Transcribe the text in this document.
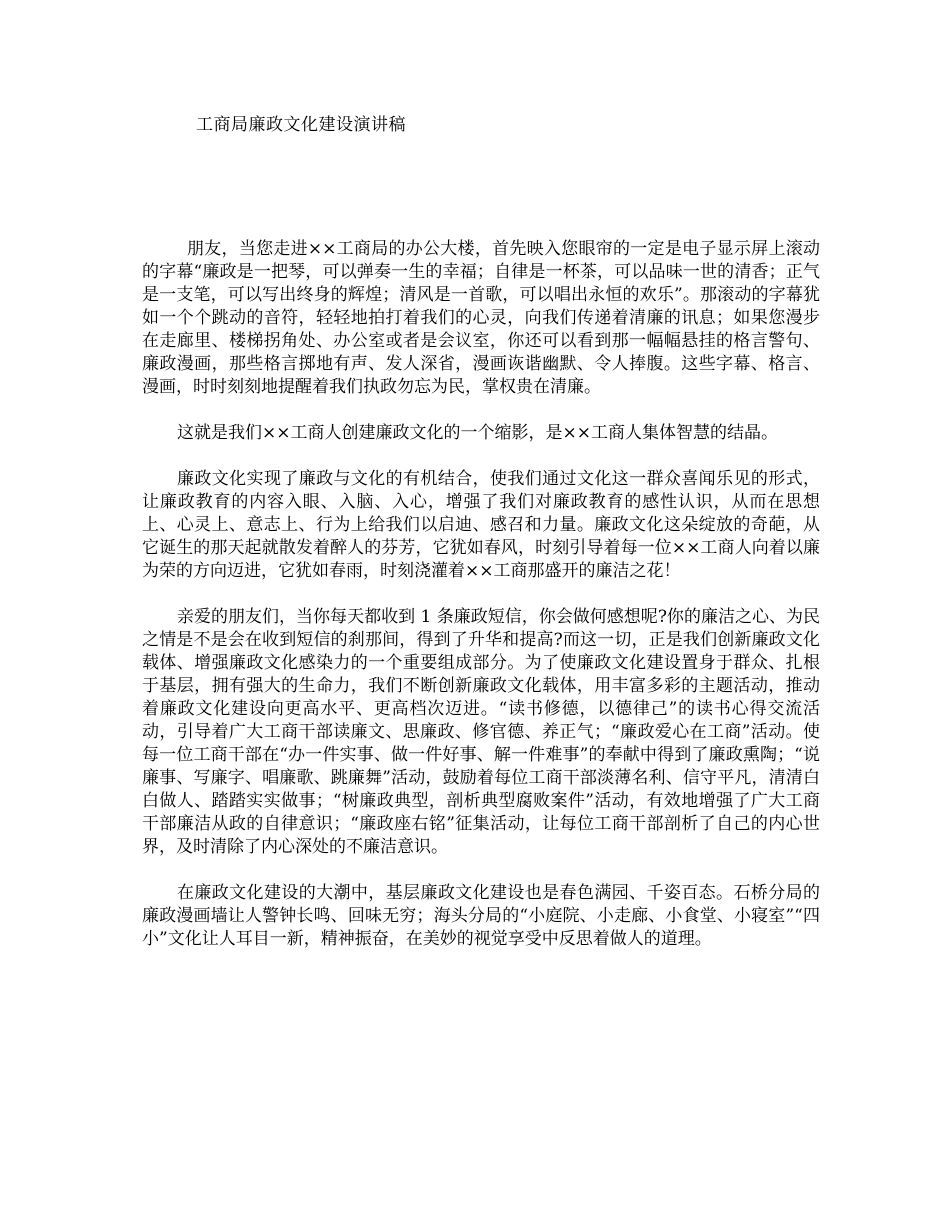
工商局廉政文化建设演讲稿

朋友，当您走进××工商局的办公大楼，首先映入您眼帘的一定是电子显示屏上滚动的字幕“廉政是一把琴，可以弹奏一生的幸福；自律是一杯茶，可以品味一世的清香；正气是一支笔，可以写出终身的辉煌；清风是一首歌，可以唱出永恒的欢乐”。那滚动的字幕犹如一个个跳动的音符，轻轻地拍打着我们的心灵，向我们传递着清廉的讯息；如果您漫步在走廊里、楼梯拐角处、办公室或者是会议室，你还可以看到那一幅幅悬挂的格言警句、廉政漫画，那些格言掷地有声、发人深省，漫画诙谐幽默、令人捧腹。这些字幕、格言、漫画，时时刻刻地提醒着我们执政勿忘为民，掌权贵在清廉。

这就是我们××工商人创建廉政文化的一个缩影，是××工商人集体智慧的结晶。

廉政文化实现了廉政与文化的有机结合，使我们通过文化这一群众喜闻乐见的形式，让廉政教育的内容入眼、入脑、入心，增强了我们对廉政教育的感性认识，从而在思想上、心灵上、意志上、行为上给我们以启迪、感召和力量。廉政文化这朵绽放的奇葩，从它诞生的那天起就散发着醉人的芬芳，它犹如春风，时刻引导着每一位××工商人向着以廉为荣的方向迈进，它犹如春雨，时刻浇灌着××工商那盛开的廉洁之花！

亲爱的朋友们，当你每天都收到 1 条廉政短信，你会做何感想呢?你的廉洁之心、为民之情是不是会在收到短信的刹那间，得到了升华和提高?而这一切，正是我们创新廉政文化载体、增强廉政文化感染力的一个重要组成部分。为了使廉政文化建设置身于群众、扎根于基层，拥有强大的生命力，我们不断创新廉政文化载体，用丰富多彩的主题活动，推动着廉政文化建设向更高水平、更高档次迈进。“读书修德，以德律己”的读书心得交流活动，引导着广大工商干部读廉文、思廉政、修官德、养正气；“廉政爱心在工商”活动。使每一位工商干部在“办一件实事、做一件好事、解一件难事”的奉献中得到了廉政熏陶；“说廉事、写廉字、唱廉歌、跳廉舞”活动，鼓励着每位工商干部淡薄名利、信守平凡，清清白白做人、踏踏实实做事；“树廉政典型，剖析典型腐败案件”活动，有效地增强了广大工商干部廉洁从政的自律意识；“廉政座右铭”征集活动，让每位工商干部剖析了自己的内心世界，及时清除了内心深处的不廉洁意识。

在廉政文化建设的大潮中，基层廉政文化建设也是春色满园、千姿百态。石桥分局的廉政漫画墙让人警钟长鸣、回味无穷；海头分局的“小庭院、小走廊、小食堂、小寝室”“四小”文化让人耳目一新，精神振奋，在美妙的视觉享受中反思着做人的道理。
